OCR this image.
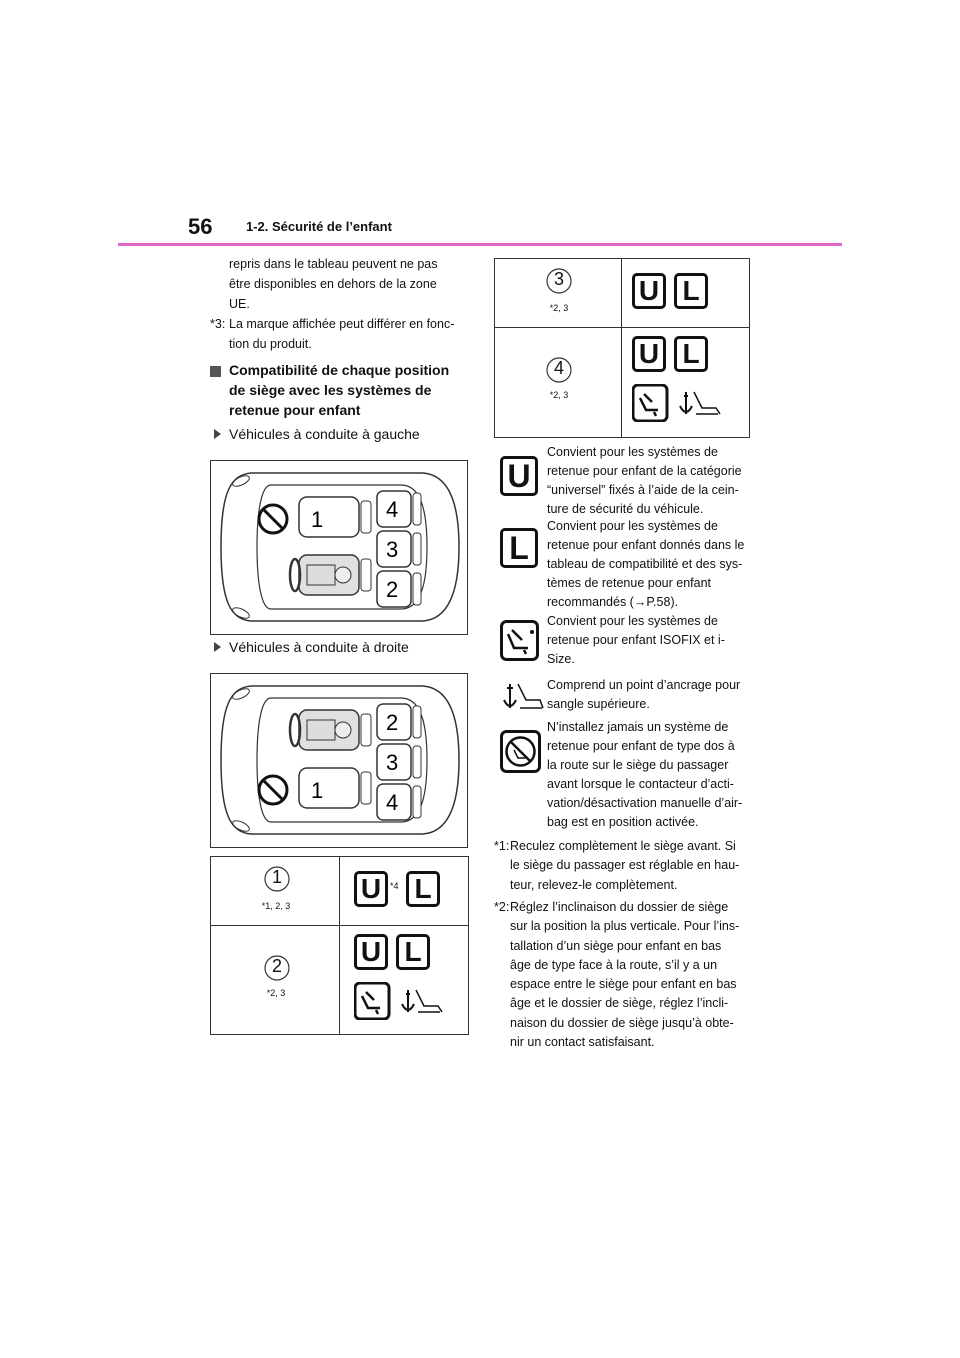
56	1-2. Sécurité de l’enfant
repris dans le tableau peuvent ne pas
être disponibles en dehors de la zone
UE.
*3: La marque affichée peut différer en fonc-
tion du produit.
Compatibilité de chaque position
de siège avec les systèmes de
retenue pour enfant
Véhicules à conduite à gauche
1	4
3
2
Véhicules à conduite à droite
1
2
3
4
1
*1, 2, 3
U *4 L
2
*2, 3
U L
3
*2, 3
U L
4
*2, 3
U L
U
Convient pour les systèmes de
retenue pour enfant de la catégorie
“universel” fixés à l’aide de la cein-
ture de sécurité du véhicule.
L
Convient pour les systèmes de
retenue pour enfant donnés dans le
tableau de compatibilité et des sys-
tèmes de retenue pour enfant
recommandés (→P.58).
Convient pour les systèmes de
retenue pour enfant ISOFIX et i-
Size.
Comprend un point d’ancrage pour
sangle supérieure.
N’installez jamais un système de
retenue pour enfant de type dos à
la route sur le siège du passager
avant lorsque le contacteur d’acti-
vation/désactivation manuelle d’air-
bag est en position activée.
*1: Reculez complètement le siège avant. Si
le siège du passager est réglable en hau-
teur, relevez-le complètement.
*2: Réglez l’inclinaison du dossier de siège
sur la position la plus verticale. Pour l’ins-
tallation d’un siège pour enfant en bas
âge de type face à la route, s’il y a un
espace entre le siège pour enfant en bas
âge et le dossier de siège, réglez l’incli-
naison du dossier de siège jusqu’à obte-
nir un contact satisfaisant.
